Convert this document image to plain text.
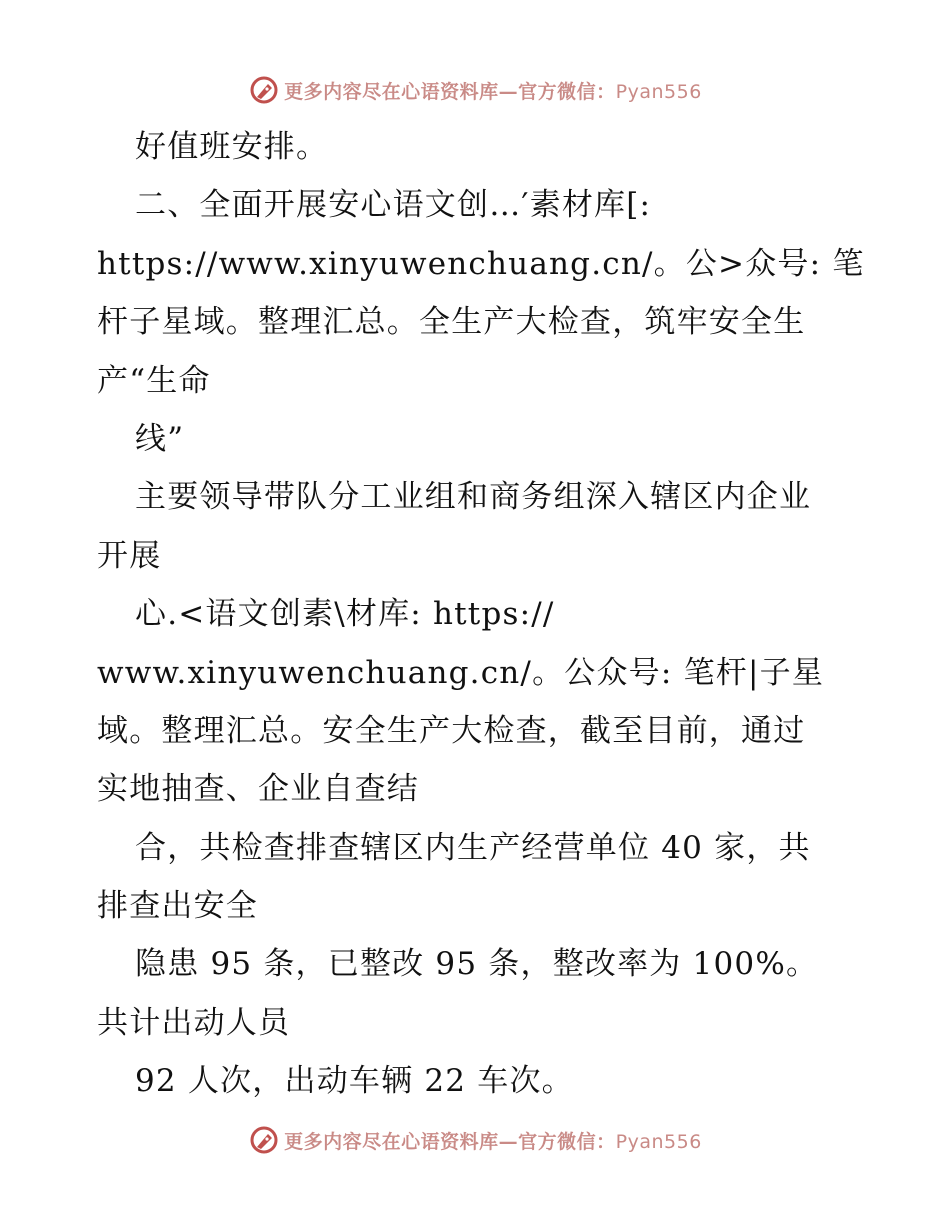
更多内容尽在心语资料库—官方微信：Pyan556
好值班安排。
二、全面开展安心语文创…′素材库[:
https://www.xinyuwenchuang.cn/。公>众号: 笔
杆子星域。整理汇总。全生产大检查，筑牢安全生
产“生命
线”
主要领导带队分工业组和商务组深入辖区内企业
开展
心.<语文创素\材库: https://
www.xinyuwenchuang.cn/。公众号: 笔杆|子星
域。整理汇总。安全生产大检查，截至目前，通过
实地抽查、企业自查结
合，共检查排查辖区内生产经营单位 40 家，共
排查出安全
隐患 95 条，已整改 95 条，整改率为 100%。
共计出动人员
92 人次，出动车辆 22 车次。
更多内容尽在心语资料库—官方微信：Pyan556
